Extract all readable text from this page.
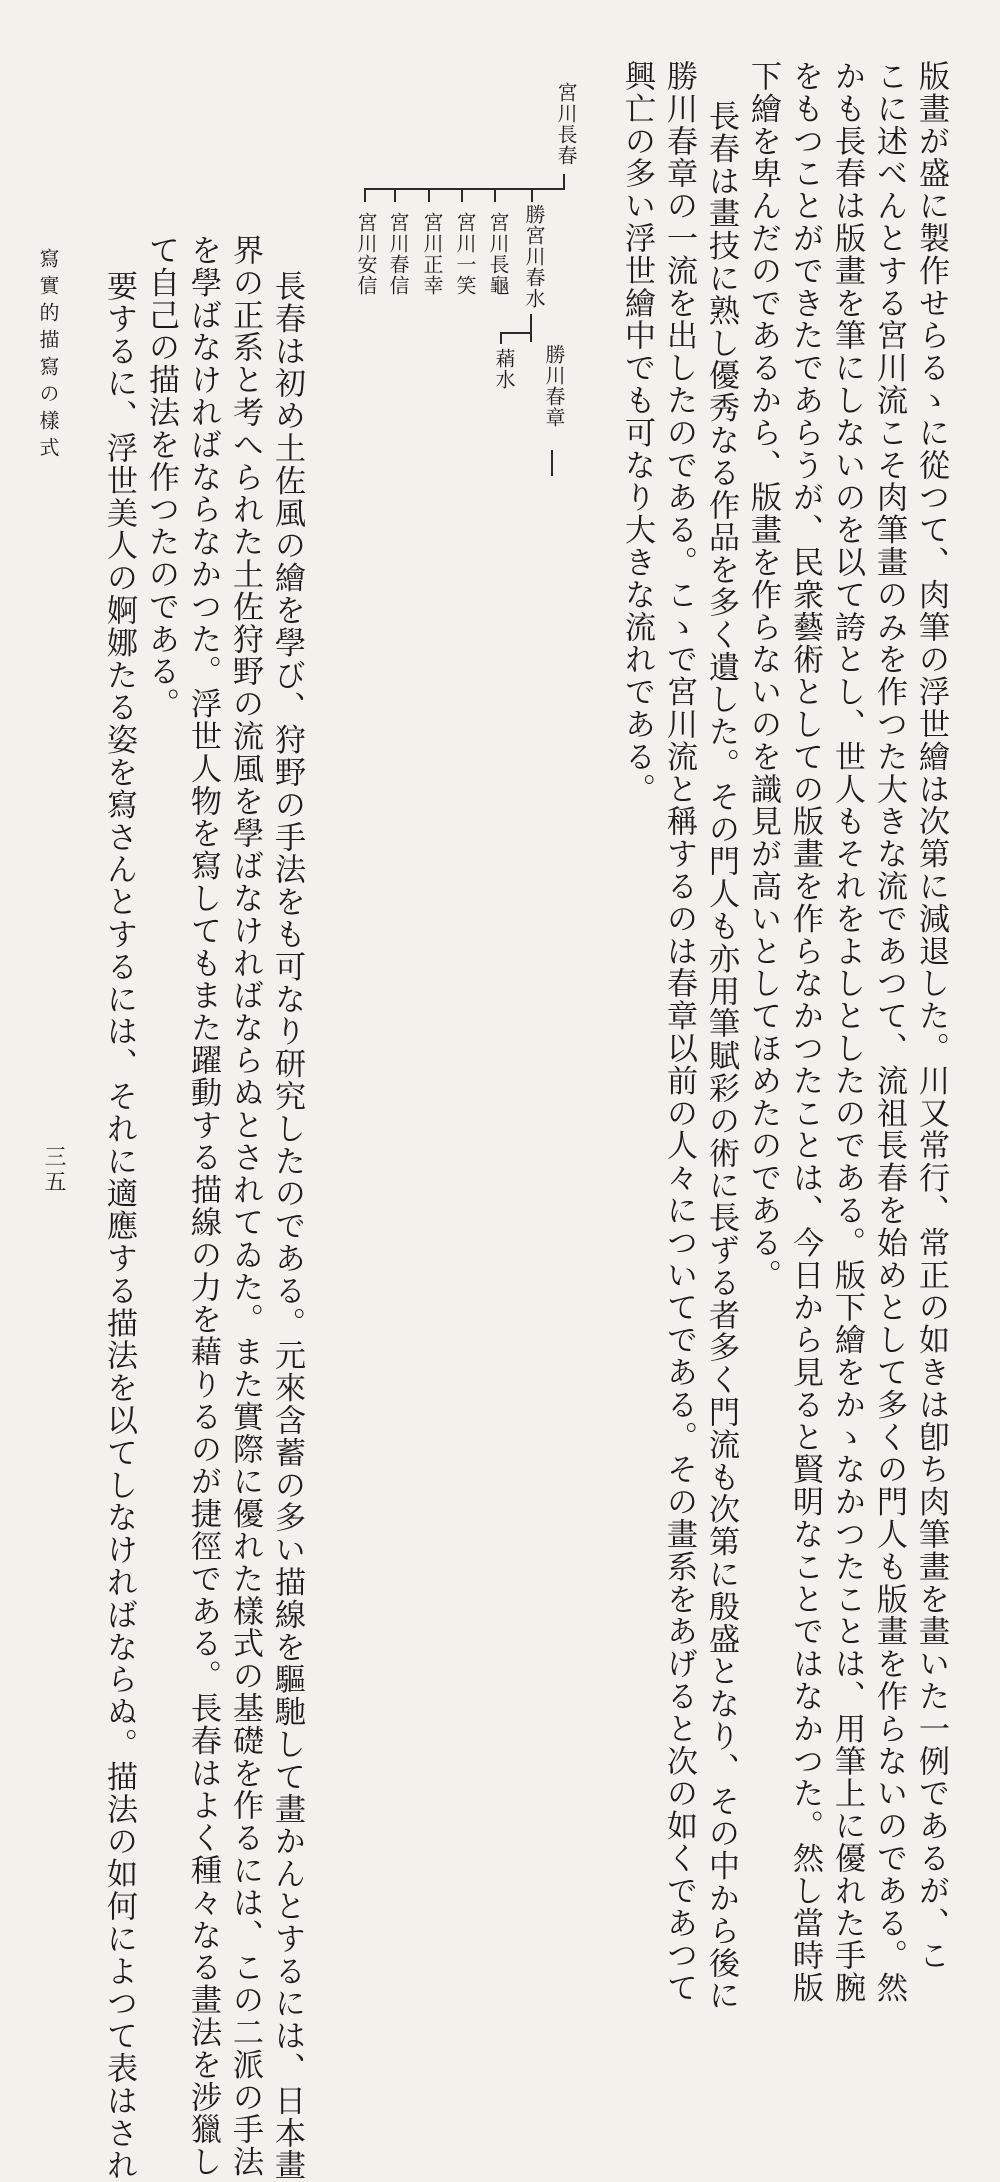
版畫が盛に製作せらるゝに從つて、肉筆の浮世繪は次第に減退した。川又常行、常正の如きは卽ち肉筆畫を畫いた一例であるが、こ
こに述べんとする宮川流こそ肉筆畫のみを作つた大きな流であつて、流祖長春を始めとして多くの門人も版畫を作らないのである。然
かも長春は版畫を筆にしないのを以て誇とし、世人もそれをよしとしたのである。版下繪をかゝなかつたことは、用筆上に優れた手腕
をもつことができたであらうが、民衆藝術としての版畫を作らなかつたことは、今日から見ると賢明なことではなかつた。然し當時版
下繪を卑んだのであるから、版畫を作らないのを識見が高いとしてほめたのである。
長春は畫技に熟し優秀なる作品を多く遺した。その門人も亦用筆賦彩の術に長ずる者多く門流も次第に殷盛となり、その中から後に
勝川春章の一流を出したのである。こゝで宮川流と稱するのは春章以前の人々についてである。その畫系をあげると次の如くであつて
興亡の多い浮世繪中でも可なり大きな流れである。
宮川長春
勝宮川春水
宮川長龜
宮川一笑
宮川正幸
宮川春信
宮川安信
勝川春章
蕱水
長春は初め土佐風の繪を學び、狩野の手法をも可なり研究したのである。元來含蓄の多い描線を驅馳して畫かんとするには、日本畫
界の正系と考へられた土佐狩野の流風を學ばなければならぬとされてゐた。また實際に優れた樣式の基礎を作るには、この二派の手法
を學ばなければならなかつた。浮世人物を寫してもまた躍動する描線の力を藉りるのが捷徑である。長春はよく種々なる畫法を涉獵し
て自己の描法を作つたのである。
要するに、浮世美人の婀娜たる姿を寫さんとするには、それに適應する描法を以てしなければならぬ。描法の如何によつて表はされ
寫實的描寫の樣式
三五
